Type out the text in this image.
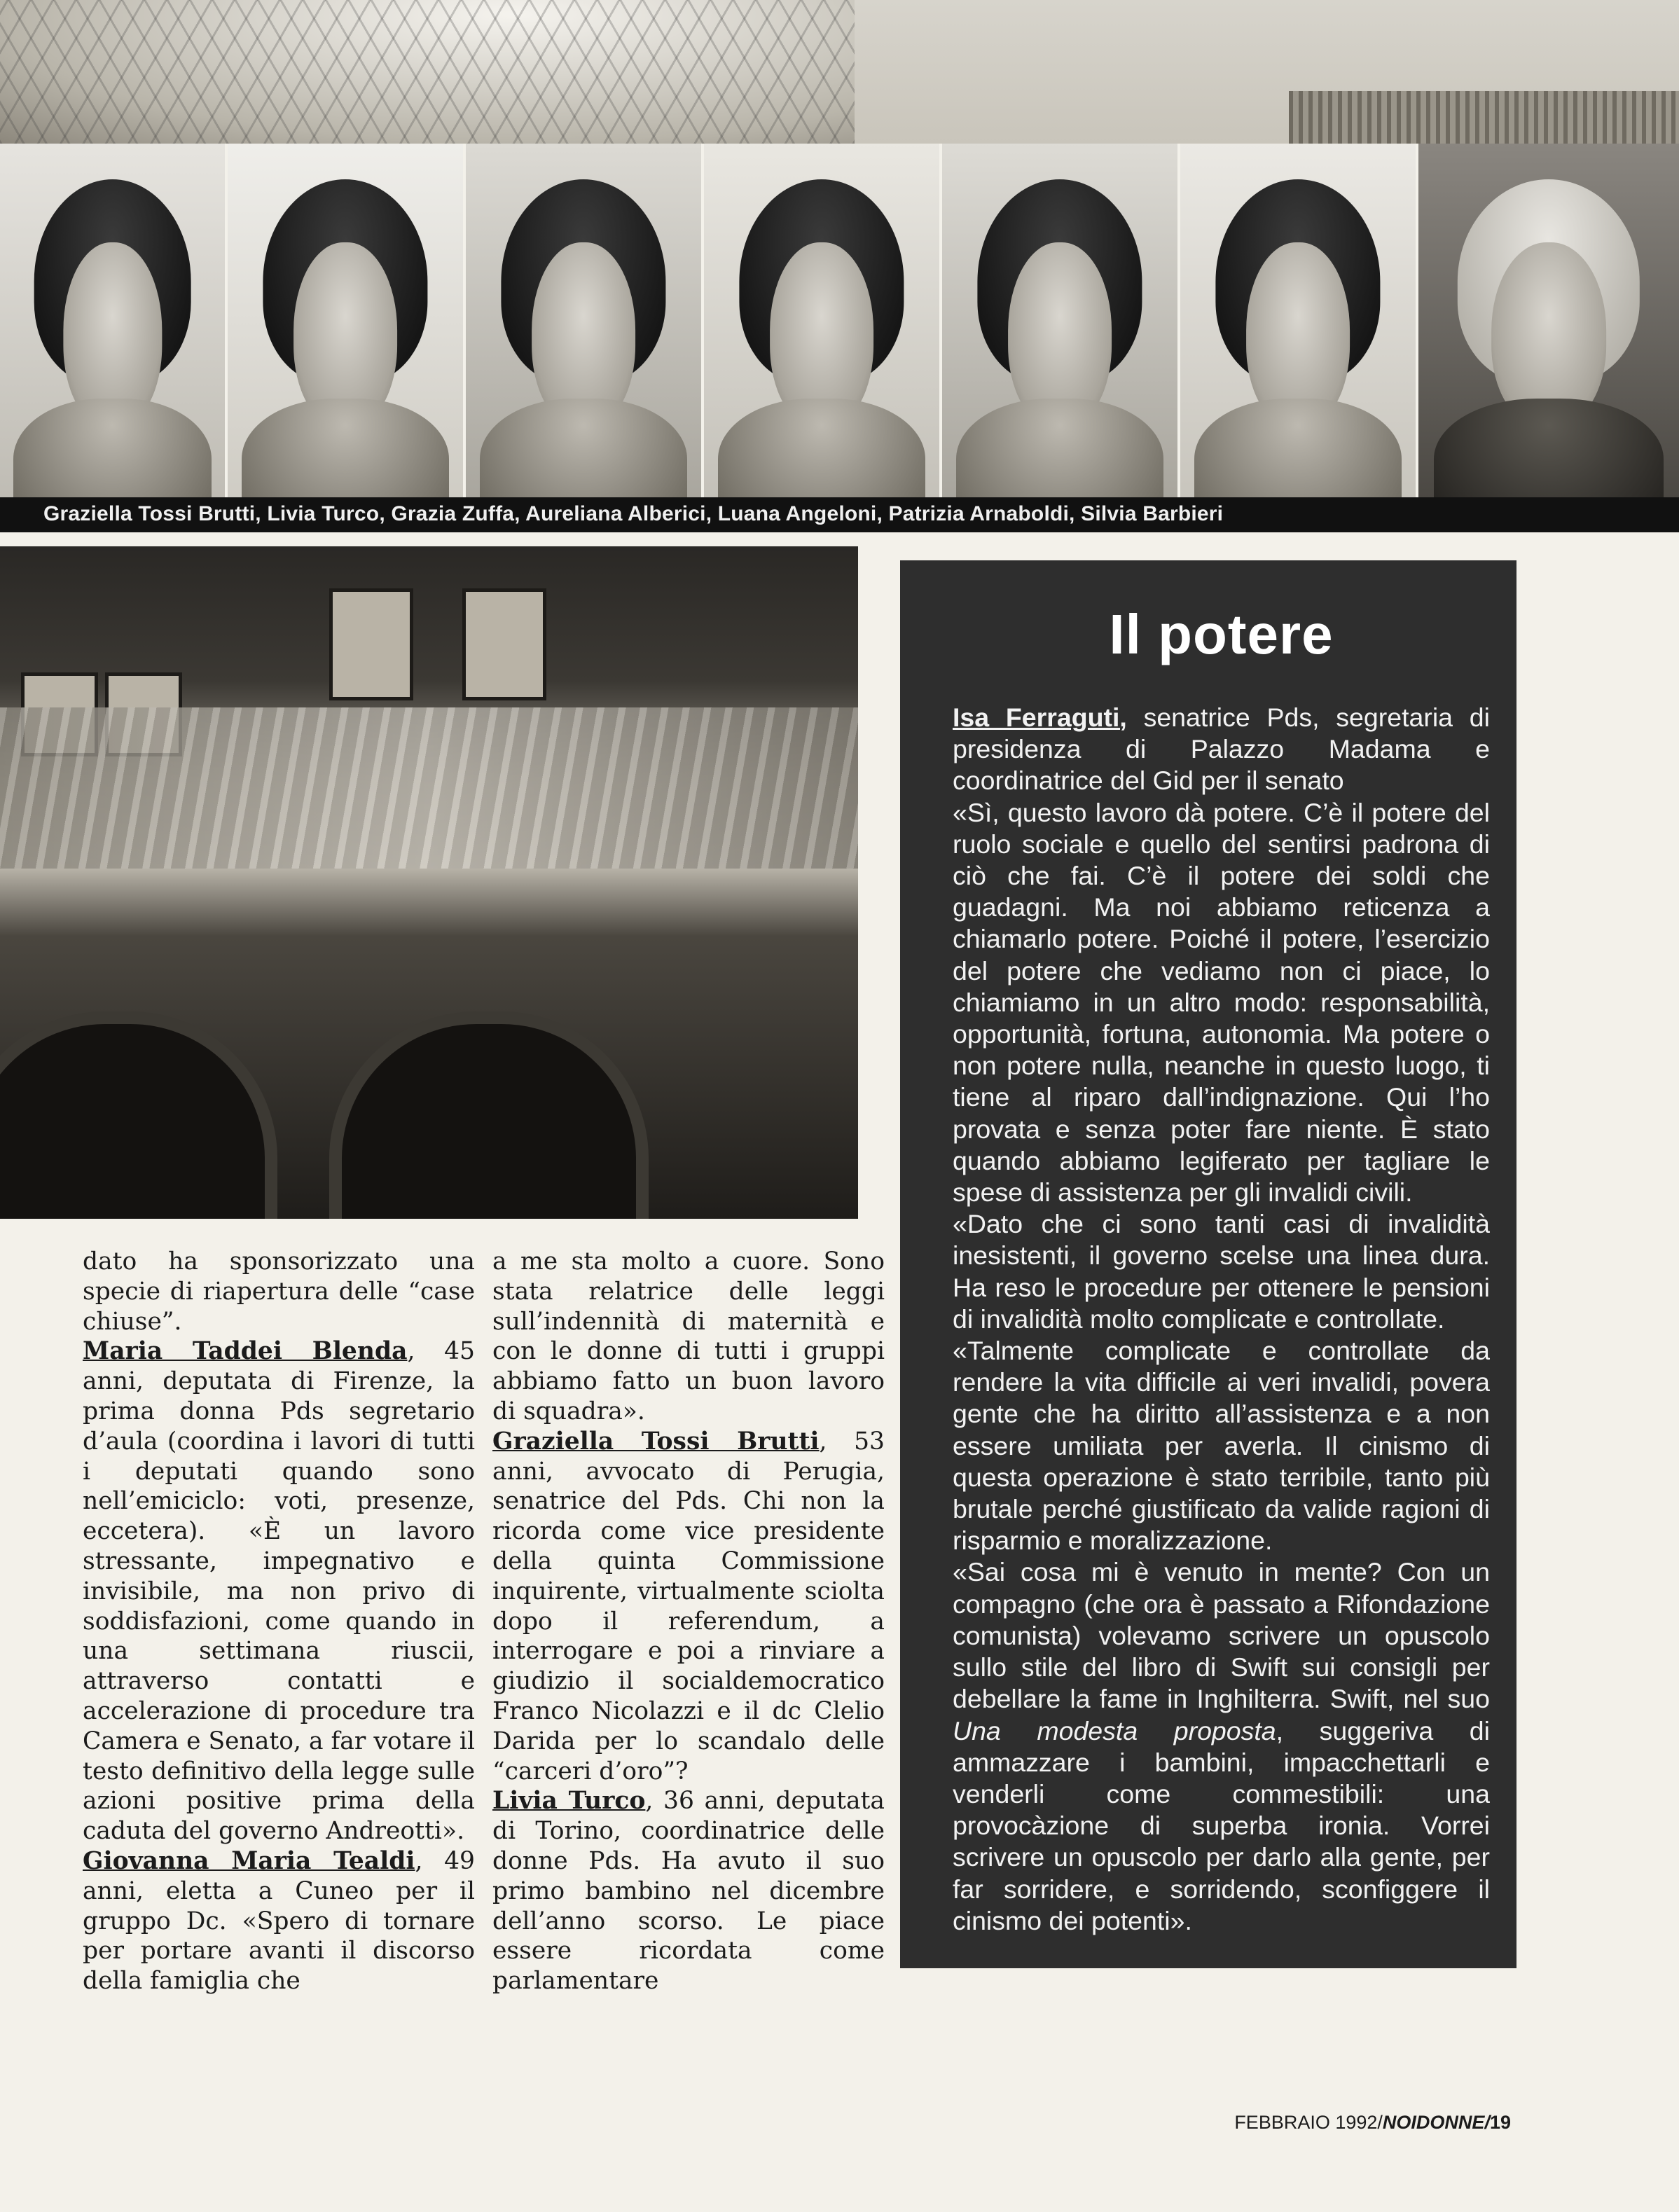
Graziella Tossi Brutti, Livia Turco, Grazia Zuffa, Aureliana Alberici, Luana Angeloni, Patrizia Arnaboldi, Silvia Barbieri

dato ha sponsorizzato una specie di riapertura delle “case chiuse”.

Maria Taddei Blenda, 45 anni, deputata di Firenze, la prima donna Pds segretario d’aula (coordina i lavori di tutti i deputati quando sono nell’emiciclo: voti, presenze, eccetera). «È un lavoro stressante, impegnativo e invisibile, ma non privo di soddisfazioni, come quando in una settimana riuscii, attraverso contatti e accelerazione di procedure tra Camera e Senato, a far votare il testo definitivo della legge sulle azioni positive prima della caduta del governo Andreotti».

Giovanna Maria Tealdi, 49 anni, eletta a Cuneo per il gruppo Dc. «Spero di tornare per portare avanti il discorso della famiglia che

a me sta molto a cuore. Sono stata relatrice delle leggi sull’indennità di maternità e con le donne di tutti i gruppi abbiamo fatto un buon lavoro di squadra».

Graziella Tossi Brutti, 53 anni, avvocato di Perugia, senatrice del Pds. Chi non la ricorda come vice presidente della quinta Commissione inquirente, virtualmente sciolta dopo il referendum, a interrogare e poi a rinviare a giudizio il socialdemocratico Franco Nicolazzi e il dc Clelio Darida per lo scandalo delle “carceri d’oro”?

Livia Turco, 36 anni, deputata di Torino, coordinatrice delle donne Pds. Ha avuto il suo primo bambino nel dicembre dell’anno scorso. Le piace essere ricordata come parlamentare

Il potere

Isa Ferraguti, senatrice Pds, segretaria di presidenza di Palazzo Madama e coordinatrice del Gid per il senato

«Sì, questo lavoro dà potere. C’è il potere del ruolo sociale e quello del sentirsi padrona di ciò che fai. C’è il potere dei soldi che guadagni. Ma noi abbiamo reticenza a chiamarlo potere. Poiché il potere, l’esercizio del potere che vediamo non ci piace, lo chiamiamo in un altro modo: responsabilità, opportunità, fortuna, autonomia. Ma potere o non potere nulla, neanche in questo luogo, ti tiene al riparo dall’indignazione. Qui l’ho provata e senza poter fare niente. È stato quando abbiamo legiferato per tagliare le spese di assistenza per gli invalidi civili.

«Dato che ci sono tanti casi di invalidità inesistenti, il governo scelse una linea dura. Ha reso le procedure per ottenere le pensioni di invalidità molto complicate e controllate.

«Talmente complicate e controllate da rendere la vita difficile ai veri invalidi, povera gente che ha diritto all’assistenza e a non essere umiliata per averla. Il cinismo di questa operazione è stato terribile, tanto più brutale perché giustificato da valide ragioni di risparmio e moralizzazione.

«Sai cosa mi è venuto in mente? Con un compagno (che ora è passato a Rifondazione comunista) volevamo scrivere un opuscolo sullo stile del libro di Swift sui consigli per debellare la fame in Inghilterra. Swift, nel suo Una modesta proposta, suggeriva di ammazzare i bambini, impacchettarli e venderli come commestibili: una provocàzione di superba ironia. Vorrei scrivere un opuscolo per darlo alla gente, per far sorridere, e sorridendo, sconfiggere il cinismo dei potenti».

FEBBRAIO 1992/NOIDONNE/19
